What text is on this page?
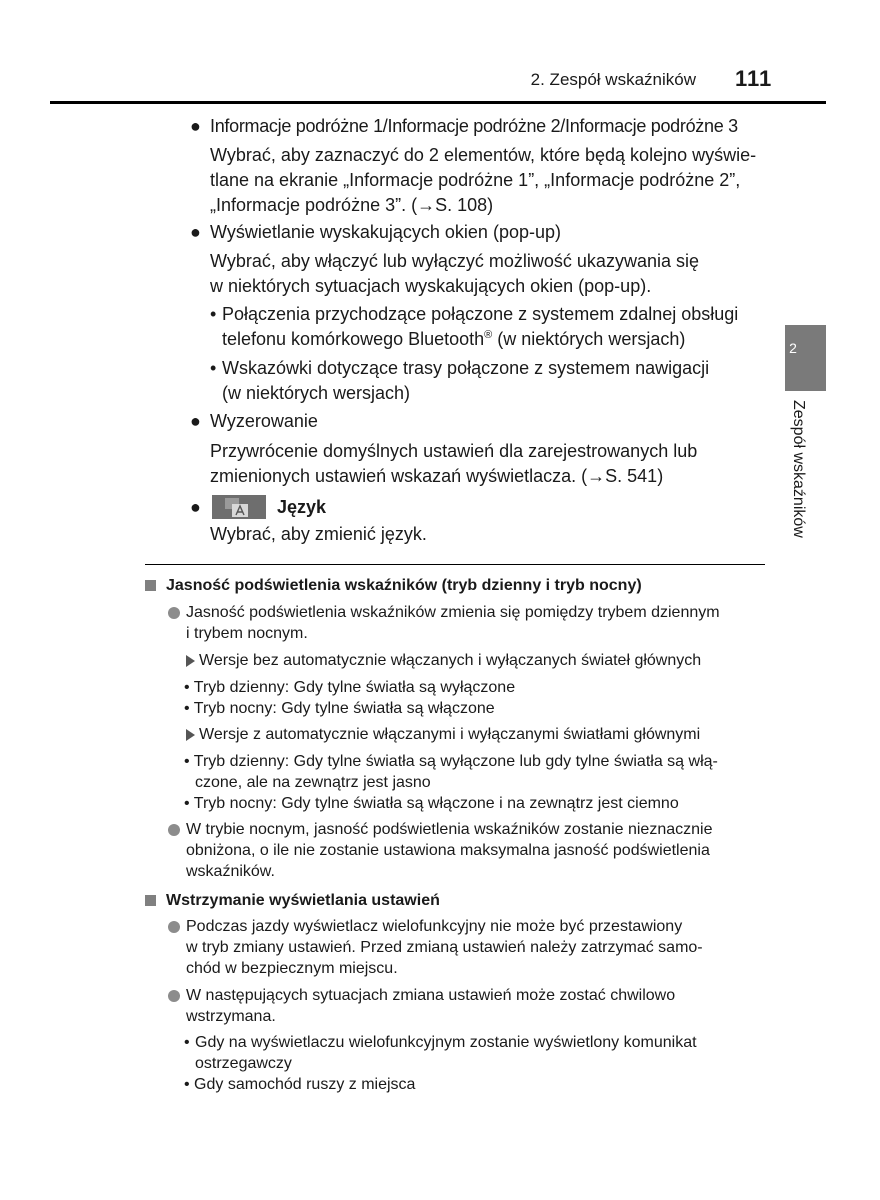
2. Zespół wskaźników 111
2
Zespół wskaźników
● Informacje podróżne 1/Informacje podróżne 2/Informacje podróżne 3
Wybrać, aby zaznaczyć do 2 elementów, które będą kolejno wyświe-
tlane na ekranie „Informacje podróżne 1”, „Informacje podróżne 2”,
„Informacje podróżne 3”. (→S. 108)
● Wyświetlanie wyskakujących okien (pop-up)
Wybrać, aby włączyć lub wyłączyć możliwość ukazywania się
w niektórych sytuacjach wyskakujących okien (pop-up).
• Połączenia przychodzące połączone z systemem zdalnej obsługi
telefonu komórkowego Bluetooth® (w niektórych wersjach)
• Wskazówki dotyczące trasy połączone z systemem nawigacji
(w niektórych wersjach)
● Wyzerowanie
Przywrócenie domyślnych ustawień dla zarejestrowanych lub
zmienionych ustawień wskazań wyświetlacza. (→S. 541)
●	Język
Wybrać, aby zmienić język.
Jasność podświetlenia wskaźników (tryb dzienny i tryb nocny)
Jasność podświetlenia wskaźników zmienia się pomiędzy trybem dziennym
i trybem nocnym.
Wersje bez automatycznie włączanych i wyłączanych świateł głównych
• Tryb dzienny: Gdy tylne światła są wyłączone
• Tryb nocny: Gdy tylne światła są włączone
Wersje z automatycznie włączanymi i wyłączanymi światłami głównymi
• Tryb dzienny: Gdy tylne światła są wyłączone lub gdy tylne światła są włą-
czone, ale na zewnątrz jest jasno
• Tryb nocny: Gdy tylne światła są włączone i na zewnątrz jest ciemno
W trybie nocnym, jasność podświetlenia wskaźników zostanie nieznacznie
obniżona, o ile nie zostanie ustawiona maksymalna jasność podświetlenia
wskaźników.
Wstrzymanie wyświetlania ustawień
Podczas jazdy wyświetlacz wielofunkcyjny nie może być przestawiony
w tryb zmiany ustawień. Przed zmianą ustawień należy zatrzymać samo-
chód w bezpiecznym miejscu.
W następujących sytuacjach zmiana ustawień może zostać chwilowo
wstrzymana.
• Gdy na wyświetlaczu wielofunkcyjnym zostanie wyświetlony komunikat
ostrzegawczy
• Gdy samochód ruszy z miejsca
